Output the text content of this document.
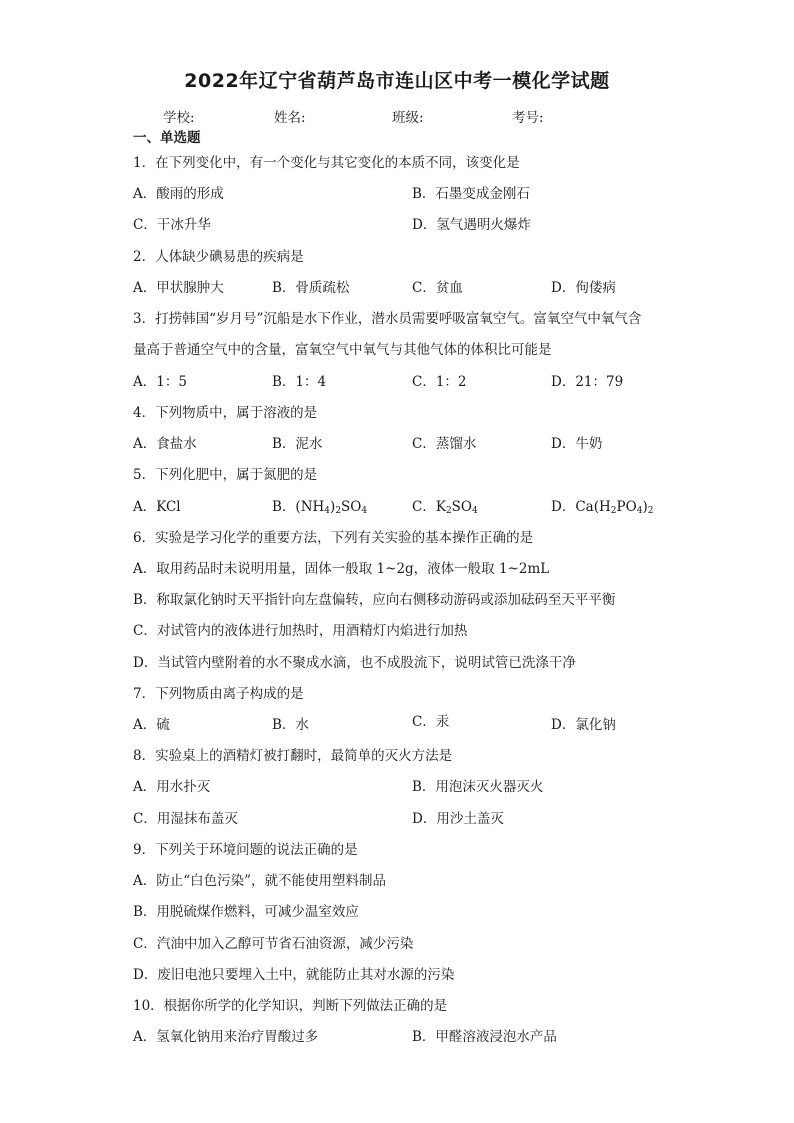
2022年辽宁省葫芦岛市连山区中考一模化学试题
学校:	姓名:	班级:	考号:
一、单选题
1．在下列变化中，有一个变化与其它变化的本质不同，该变化是
A．酸雨的形成	B．石墨变成金刚石
C．干冰升华	D．氢气遇明火爆炸
2．人体缺少碘易患的疾病是
A．甲状腺肿大	B．骨质疏松	C．贫血	D．佝偻病
3．打捞韩国“岁月号”沉船是水下作业，潜水员需要呼吸富氧空气。富氧空气中氧气含
量高于普通空气中的含量，富氧空气中氧气与其他气体的体积比可能是
A．1：5	B．1：4	C．1：2	D．21：79
4．下列物质中，属于溶液的是
A．食盐水	B．泥水	C．蒸馏水	D．牛奶
5．下列化肥中，属于氮肥的是
A．KCl	B．$(NH_4)_2SO_4$	C．$K_2SO_4$	D．$Ca(H_2PO_4)_2$
6．实验是学习化学的重要方法，下列有关实验的基本操作正确的是
A．取用药品时未说明用量，固体一般取 1~2g，液体一般取 1~2mL
B．称取氯化钠时天平指针向左盘偏转，应向右侧移动游码或添加砝码至天平平衡
C．对试管内的液体进行加热时，用酒精灯内焰进行加热
D．当试管内壁附着的水不聚成水滴，也不成股流下，说明试管已洗涤干净
7．下列物质由离子构成的是
A．硫	B．水	C．汞	D．氯化钠
8．实验桌上的酒精灯被打翻时，最简单的灭火方法是
A．用水扑灭	B．用泡沫灭火器灭火
C．用湿抹布盖灭	D．用沙土盖灭
9．下列关于环境问题的说法正确的是
A．防止“白色污染”，就不能使用塑料制品
B．用脱硫煤作燃料，可减少温室效应
C．汽油中加入乙醇可节省石油资源，减少污染
D．废旧电池只要埋入土中，就能防止其对水源的污染
10．根据你所学的化学知识，判断下列做法正确的是
A．氢氧化钠用来治疗胃酸过多	B．甲醛溶液浸泡水产品
